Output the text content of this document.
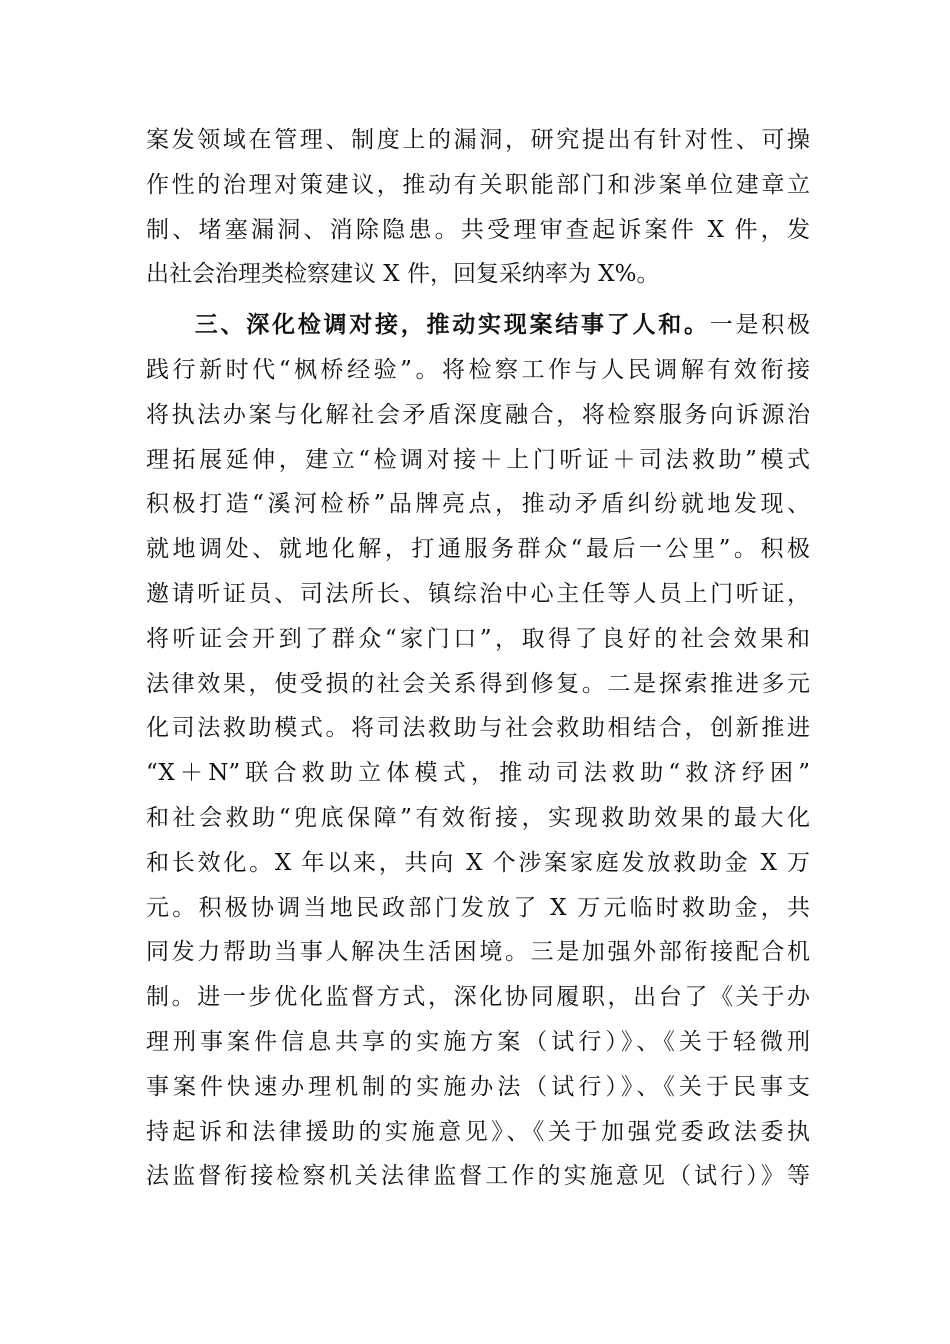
案发领域在管理、制度上的漏洞，研究提出有针对性、可操
作性的治理对策建议，推动有关职能部门和涉案单位建章立
制、堵塞漏洞、消除隐患。共受理审查起诉案件 X 件，发
出社会治理类检察建议 X 件，回复采纳率为 X%。
三、深化检调对接，推动实现案结事了人和。一是积极
践行新时代“枫桥经验”。将检察工作与人民调解有效衔接
将执法办案与化解社会矛盾深度融合，将检察服务向诉源治
理拓展延伸，建立“检调对接＋上门听证＋司法救助”模式
积极打造“溪河检桥”品牌亮点，推动矛盾纠纷就地发现、
就地调处、就地化解，打通服务群众“最后一公里”。积极
邀请听证员、司法所长、镇综治中心主任等人员上门听证，
将听证会开到了群众“家门口”，取得了良好的社会效果和
法律效果，使受损的社会关系得到修复。二是探索推进多元
化司法救助模式。将司法救助与社会救助相结合，创新推进
“X＋N”联合救助立体模式，推动司法救助“救济纾困”
和社会救助“兜底保障”有效衔接，实现救助效果的最大化
和长效化。X 年以来，共向 X 个涉案家庭发放救助金 X 万
元。积极协调当地民政部门发放了 X 万元临时救助金，共
同发力帮助当事人解决生活困境。三是加强外部衔接配合机
制。进一步优化监督方式，深化协同履职，出台了《关于办
理刑事案件信息共享的实施方案（试行）》、《关于轻微刑
事案件快速办理机制的实施办法（试行）》、《关于民事支
持起诉和法律援助的实施意见》、《关于加强党委政法委执
法监督衔接检察机关法律监督工作的实施意见（试行）》等
